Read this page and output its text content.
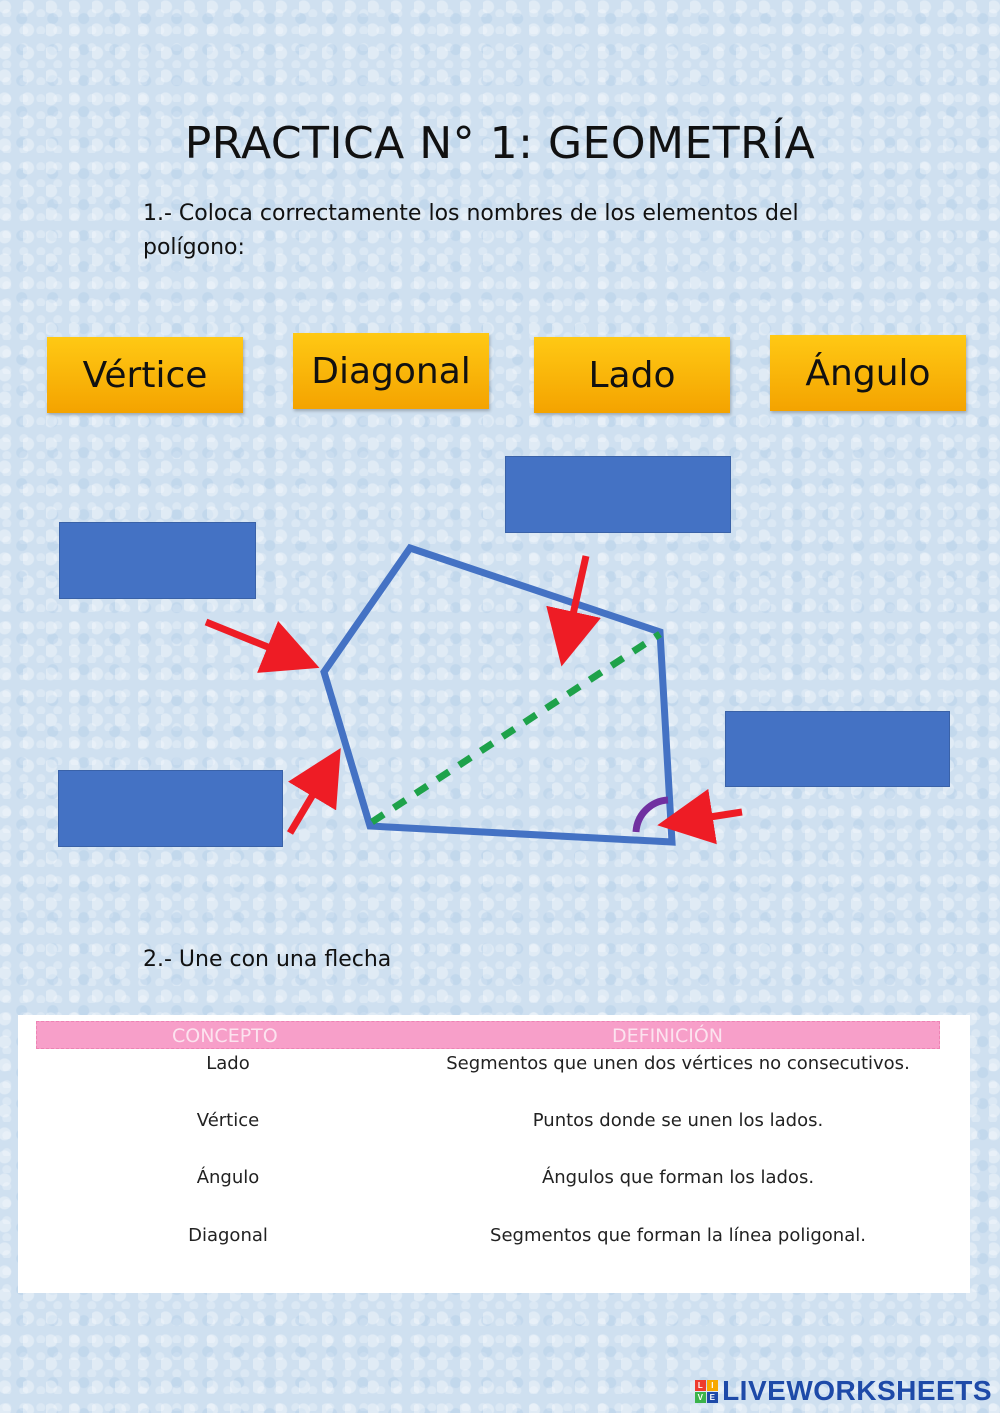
PRACTICA N° 1: GEOMETRÍA
1.- Coloca correctamente los nombres de los elementos del polígono:
Vértice	Diagonal	Lado	Ángulo
2.- Une con una flecha
CONCEPTO	DEFINICIÓN
Lado	Segmentos que unen dos vértices no consecutivos.
Vértice	Puntos donde se unen los lados.
Ángulo	Ángulos que forman los lados.
Diagonal	Segmentos que forman la línea poligonal.
L I
V E LIVEWORKSHEETS
